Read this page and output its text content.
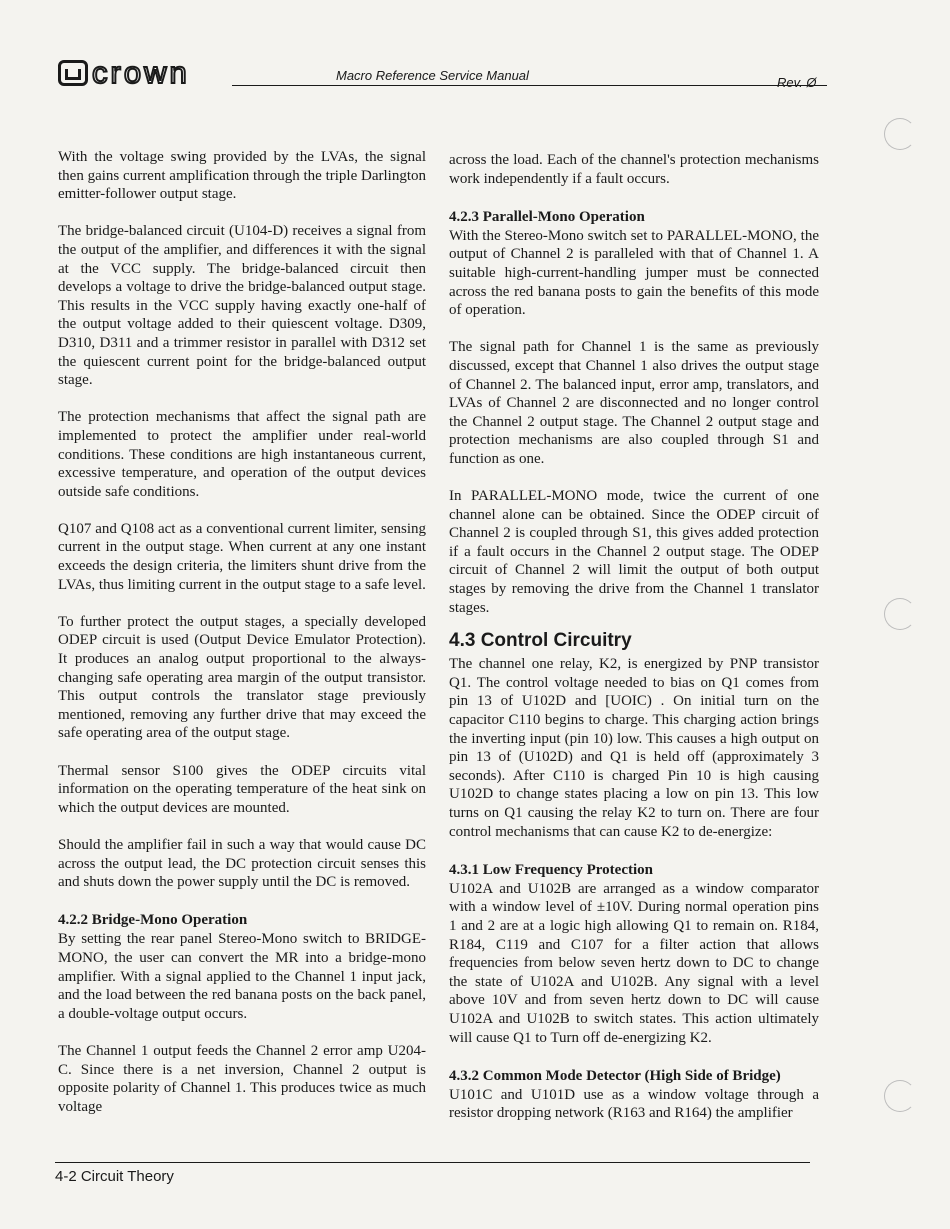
crown	Macro Reference Service Manual	Rev. Ø

With the voltage swing provided by the LVAs, the signal then gains current amplification through the triple Darlington emitter-follower output stage.

The bridge-balanced circuit (U104-D) receives a signal from the output of the amplifier, and differences it with the signal at the VCC supply. The bridge-balanced circuit then develops a voltage to drive the bridge-balanced output stage. This results in the VCC supply having exactly one-half of the output voltage added to their quiescent voltage. D309, D310, D311 and a trimmer resistor in parallel with D312 set the quiescent current point for the bridge-balanced output stage.

The protection mechanisms that affect the signal path are implemented to protect the amplifier under real-world conditions. These conditions are high instantaneous current, excessive temperature, and operation of the output devices outside safe conditions.

Q107 and Q108 act as a conventional current limiter, sensing current in the output stage. When current at any one instant exceeds the design criteria, the limiters shunt drive from the LVAs, thus limiting current in the output stage to a safe level.

To further protect the output stages, a specially developed ODEP circuit is used (Output Device Emulator Protection). It produces an analog output proportional to the always-changing safe operating area margin of the output transistor. This output controls the translator stage previously mentioned, removing any further drive that may exceed the safe operating area of the output stage.

Thermal sensor S100 gives the ODEP circuits vital information on the operating temperature of the heat sink on which the output devices are mounted.

Should the amplifier fail in such a way that would cause DC across the output lead, the DC protection circuit senses this and shuts down the power supply until the DC is removed.

4.2.2 Bridge-Mono Operation

By setting the rear panel Stereo-Mono switch to BRIDGE-MONO, the user can convert the MR into a bridge-mono amplifier. With a signal applied to the Channel 1 input jack, and the load between the red banana posts on the back panel, a double-voltage output occurs.

The Channel 1 output feeds the Channel 2 error amp U204-C. Since there is a net inversion, Channel 2 output is opposite polarity of Channel 1. This produces twice as much voltage

across the load. Each of the channel's protection mechanisms work independently if a fault occurs.

4.2.3 Parallel-Mono Operation

With the Stereo-Mono switch set to PARALLEL-MONO, the output of Channel 2 is paralleled with that of Channel 1. A suitable high-current-handling jumper must be connected across the red banana posts to gain the benefits of this mode of operation.

The signal path for Channel 1 is the same as previously discussed, except that Channel 1 also drives the output stage of Channel 2. The balanced input, error amp, translators, and LVAs of Channel 2 are disconnected and no longer control the Channel 2 output stage. The Channel 2 output stage and protection mechanisms are also coupled through S1 and function as one.

In PARALLEL-MONO mode, twice the current of one channel alone can be obtained. Since the ODEP circuit of Channel 2 is coupled through S1, this gives added protection if a fault occurs in the Channel 2 output stage. The ODEP circuit of Channel 2 will limit the output of both output stages by removing the drive from the Channel 1 translator stages.

4.3 Control Circuitry

The channel one relay, K2, is energized by PNP transistor Q1. The control voltage needed to bias on Q1 comes from pin 13 of U102D and [UOIC) . On initial turn on the capacitor C110 begins to charge. This charging action brings the inverting input (pin 10) low. This causes a high output on pin 13 of (U102D) and Q1 is held off (approximately 3 seconds). After C110 is charged Pin 10 is high causing U102D to change states placing a low on pin 13. This low turns on Q1 causing the relay K2 to turn on. There are four control mechanisms that can cause K2 to de-energize:

4.3.1 Low Frequency Protection

U102A and U102B are arranged as a window comparator with a window level of ±10V. During normal operation pins 1 and 2 are at a logic high allowing Q1 to remain on. R184, R184, C119 and C107 for a filter action that allows frequencies from below seven hertz down to DC to change the state of U102A and U102B. Any signal with a level above 10V and from seven hertz down to DC will cause U102A and U102B to switch states. This action ultimately will cause Q1 to Turn off de-energizing K2.

4.3.2 Common Mode Detector (High Side of Bridge)

U101C and U101D use as a window voltage through a resistor dropping network (R163 and R164) the amplifier

4-2 Circuit Theory
